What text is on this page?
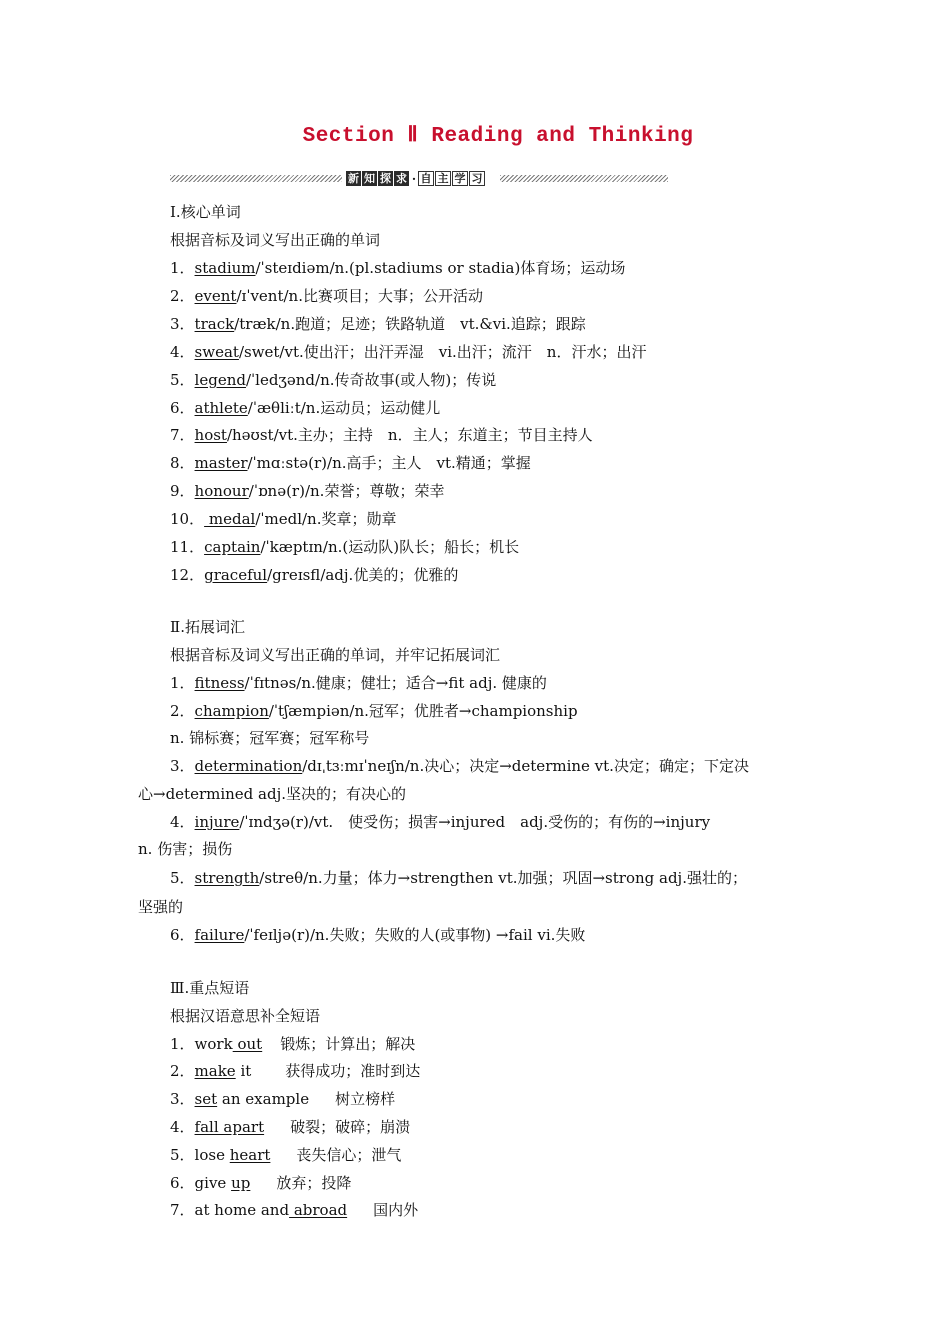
Section Ⅱ Reading and Thinking
新 知 探 求 · 自 主 学 习
Ⅰ.核心单词
根据音标及词义写出正确的单词
1．stadium/ˈsteɪdiəm/n.(pl.stadiums or stadia)体育场；运动场
2．event/ɪˈvent/n.比赛项目；大事；公开活动
3．track/træk/n.跑道；足迹；铁路轨道　vt.&vi.追踪；跟踪
4．sweat/swet/vt.使出汗；出汗弄湿　vi.出汗；流汗　n．汗水；出汗
5．legend/ˈledʒənd/n.传奇故事(或人物)；传说
6．athlete/ˈæθliːt/n.运动员；运动健儿
7．host/həʊst/vt.主办；主持　n．主人；东道主；节目主持人
8．master/ˈmɑːstə(r)/n.高手；主人　vt.精通；掌握
9．honour/ˈɒnə(r)/n.荣誉；尊敬；荣幸
10． medal/ˈmedl/n.奖章；勋章
11．captain/ˈkæptɪn/n.(运动队)队长；船长；机长
12．graceful/greɪsfl/adj.优美的；优雅的
Ⅱ.拓展词汇
根据音标及词义写出正确的单词，并牢记拓展词汇
1．fitness/ˈfɪtnəs/n.健康；健壮；适合→fit adj. 健康的
2．champion/ˈtʃæmpiən/n.冠军；优胜者→championship
n. 锦标赛；冠军赛；冠军称号
3．determination/dɪˌtɜːmɪˈneɪʃn/n.决心；决定→determine vt.决定；确定；下定决
心→determined adj.坚决的；有决心的
4．injure/ˈɪndʒə(r)/vt.　使受伤；损害→injured　adj.受伤的；有伤的→injury
n. 伤害；损伤
5．strength/streθ/n.力量；体力→strengthen vt.加强；巩固→strong adj.强壮的；
坚强的
6．failure/ˈfeɪljə(r)/n.失败；失败的人(或事物) →fail vi.失败
Ⅲ.重点短语
根据汉语意思补全短语
1．work out 锻炼；计算出；解决
2．make it 获得成功；准时到达
3．set an example 树立榜样
4．fall apart 破裂；破碎；崩溃
5．lose heart 丧失信心；泄气
6．give up 放弃；投降
7．at home and abroad 国内外
